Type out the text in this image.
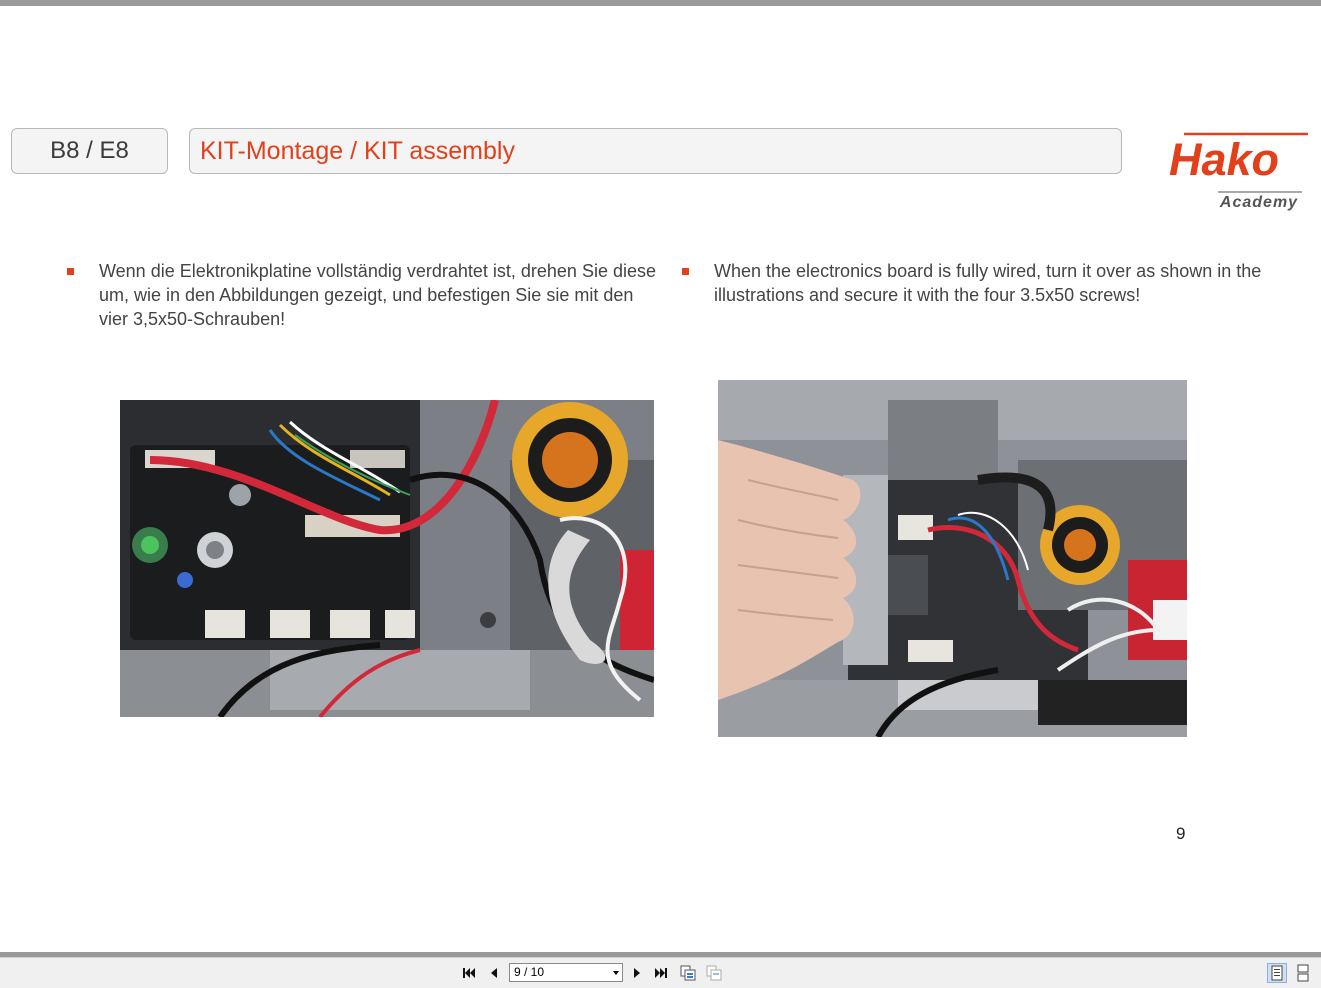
B8 / E8	KIT-Montage / KIT assembly	Hako
Academy
Wenn die Elektronikplatine vollständig verdrahtet ist, drehen Sie diese um, wie in den Abbildungen gezeigt, und befestigen Sie sie mit den vier 3,5x50-Schrauben!
When the electronics board is fully wired, turn it over as shown in the illustrations and secure it with the four 3.5x50 screws!
9
9 / 10
